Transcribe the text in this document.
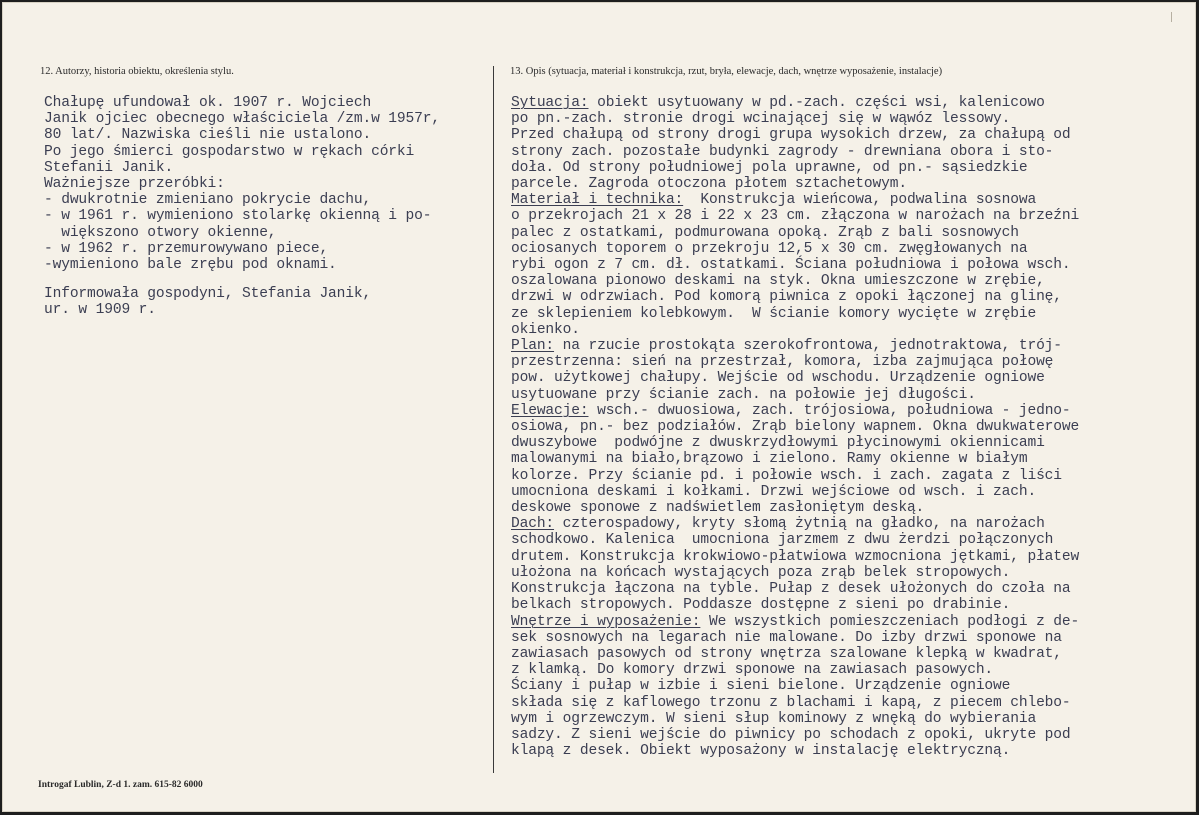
12. Autorzy, historia obiektu, określenia stylu.
Chałupę ufundował ok. 1907 r. Wojciech
Janik ojciec obecnego właściciela /zm.w 1957r,
80 lat/. Nazwiska cieśli nie ustalono.
Po jego śmierci gospodarstwo w rękach córki
Stefanii Janik.
Ważniejsze przeróbki:
- dwukrotnie zmieniano pokrycie dachu,
- w 1961 r. wymieniono stolarkę okienną i po-
większono otwory okienne,
- w 1962 r. przemurowywano piece,
-wymieniono bale zrębu pod oknami.

Informowała gospodyni, Stefania Janik,
ur. w 1909 r.

13. Opis (sytuacja, materiał i konstrukcja, rzut, bryła, elewacje, dach, wnętrze wyposażenie, instalacje)
Sytuacja: obiekt usytuowany w pd.-zach. części wsi, kalenicowo
po pn.-zach. stronie drogi wcinającej się w wąwóz lessowy.
Przed chałupą od strony drogi grupa wysokich drzew, za chałupą od
strony zach. pozostałe budynki zagrody - drewniana obora i sto-
doła. Od strony południowej pola uprawne, od pn.- sąsiedzkie
parcele. Zagroda otoczona płotem sztachetowym.
Materiał i technika:  Konstrukcja wieńcowa, podwalina sosnowa
o przekrojach 21 x 28 i 22 x 23 cm. złączona w narożach na brzeźni
palec z ostatkami, podmurowana opoką. Zrąb z bali sosnowych
ociosanych toporem o przekroju 12,5 x 30 cm. zwęgłowanych na
rybi ogon z 7 cm. dł. ostatkami. Ściana południowa i połowa wsch.
oszalowana pionowo deskami na styk. Okna umieszczone w zrębie,
drzwi w odrzwiach. Pod komorą piwnica z opoki łączonej na glinę,
ze sklepieniem kolebkowym.  W ścianie komory wycięte w zrębie
okienko.
Plan: na rzucie prostokąta szerokofrontowa, jednotraktowa, trój-
przestrzenna: sień na przestrzał, komora, izba zajmująca połowę
pow. użytkowej chałupy. Wejście od wschodu. Urządzenie ogniowe
usytuowane przy ścianie zach. na połowie jej długości.
Elewacje: wsch.- dwuosiowa, zach. trójosiowa, południowa - jedno-
osiowa, pn.- bez podziałów. Zrąb bielony wapnem. Okna dwukwaterowe
dwuszybowe  podwójne z dwuskrzydłowymi płycinowymi okiennicami
malowanymi na biało,brązowo i zielono. Ramy okienne w białym
kolorze. Przy ścianie pd. i połowie wsch. i zach. zagata z liści
umocniona deskami i kołkami. Drzwi wejściowe od wsch. i zach.
deskowe sponowe z nadświetlem zasłoniętym deską.
Dach: czterospadowy, kryty słomą żytnią na gładko, na narożach
schodkowo. Kalenica  umocniona jarzmem z dwu żerdzi połączonych
drutem. Konstrukcja krokwiowo-płatwiowa wzmocniona jętkami, płatew
ułożona na końcach wystających poza zrąb belek stropowych.
Konstrukcja łączona na tyble. Pułap z desek ułożonych do czoła na
belkach stropowych. Poddasze dostępne z sieni po drabinie.
Wnętrze i wyposażenie: We wszystkich pomieszczeniach podłogi z de-
sek sosnowych na legarach nie malowane. Do izby drzwi sponowe na
zawiasach pasowych od strony wnętrza szalowane klepką w kwadrat,
z klamką. Do komory drzwi sponowe na zawiasach pasowych.
Ściany i pułap w izbie i sieni bielone. Urządzenie ogniowe
składa się z kaflowego trzonu z blachami i kapą, z piecem chlebo-
wym i ogrzewczym. W sieni słup kominowy z wnęką do wybierania
sadzy. Z sieni wejście do piwnicy po schodach z opoki, ukryte pod
klapą z desek. Obiekt wyposażony w instalację elektryczną.

Introgaf Lublin, Z-d 1. zam. 615-82 6000
